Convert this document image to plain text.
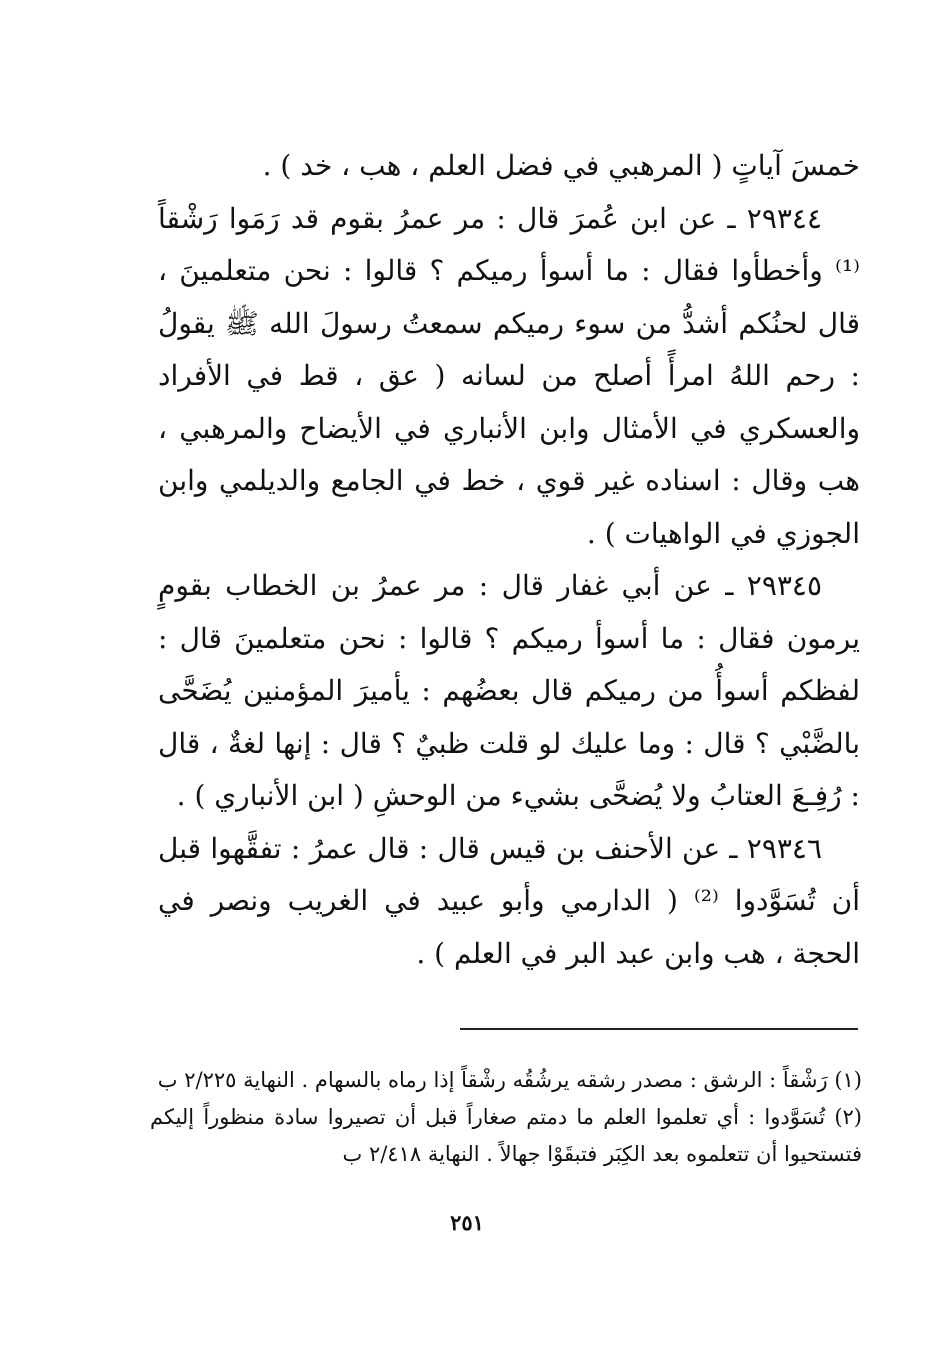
خمسَ آياتٍ ( المرهبي في فضل العلم ، هب ، خد ) .

٢٩٣٤٤ ـ عن ابن عُمرَ قال : مر عمرُ بقوم قد رَمَوا رَشْقاً ⁽¹⁾ وأخطأوا فقال : ما أسوأ رميكم ؟ قالوا : نحن متعلمينَ ، قال لحنُكم أشدُّ من سوء رميكم سمعتُ رسولَ الله ﷺ يقولُ : رحم اللهُ امرأً أصلح من لسانه ( عق ، قط في الأفراد والعسكري في الأمثال وابن الأنباري في الأيضاح والمرهبي ، هب وقال : اسناده غير قوي ، خط في الجامع والديلمي وابن الجوزي في الواهيات ) .

٢٩٣٤٥ ـ عن أبي غفار قال : مر عمرُ بن الخطاب بقومٍ يرمون فقال : ما أسوأ رميكم ؟ قالوا : نحن متعلمينَ قال : لفظكم أسوأُ من رميكم قال بعضُهم : يأميرَ المؤمنين يُضَحَّى بالضَّبْي ؟ قال : وما عليك لو قلت ظبيٌ ؟ قال : إنها لغةٌ ، قال : رُفِـعَ العتابُ ولا يُضحَّى بشيء من الوحشِ ( ابن الأنباري ) .

٢٩٣٤٦ ـ عن الأحنف بن قيس قال : قال عمرُ : تفقَّهوا قبل أن تُسَوَّدوا ⁽²⁾ ( الدارمي وأبو عبيد في الغريب ونصر في الحجة ، هب وابن عبد البر في العلم ) .

(١) رَشْقاً : الرشق : مصدر رشقه يرشُقُه رشْقاً إذا رماه بالسهام . النهاية ٢/٢٢٥ ب

(٢) تُسَوَّدوا : أي تعلموا العلم ما دمتم صغاراً قبل أن تصيروا سادة منظوراً إليكم فتستحيوا أن تتعلموه بعد الكِبَر فتبقَوْا جهالاً . النهاية ٢/٤١٨ ب

٢٥١
